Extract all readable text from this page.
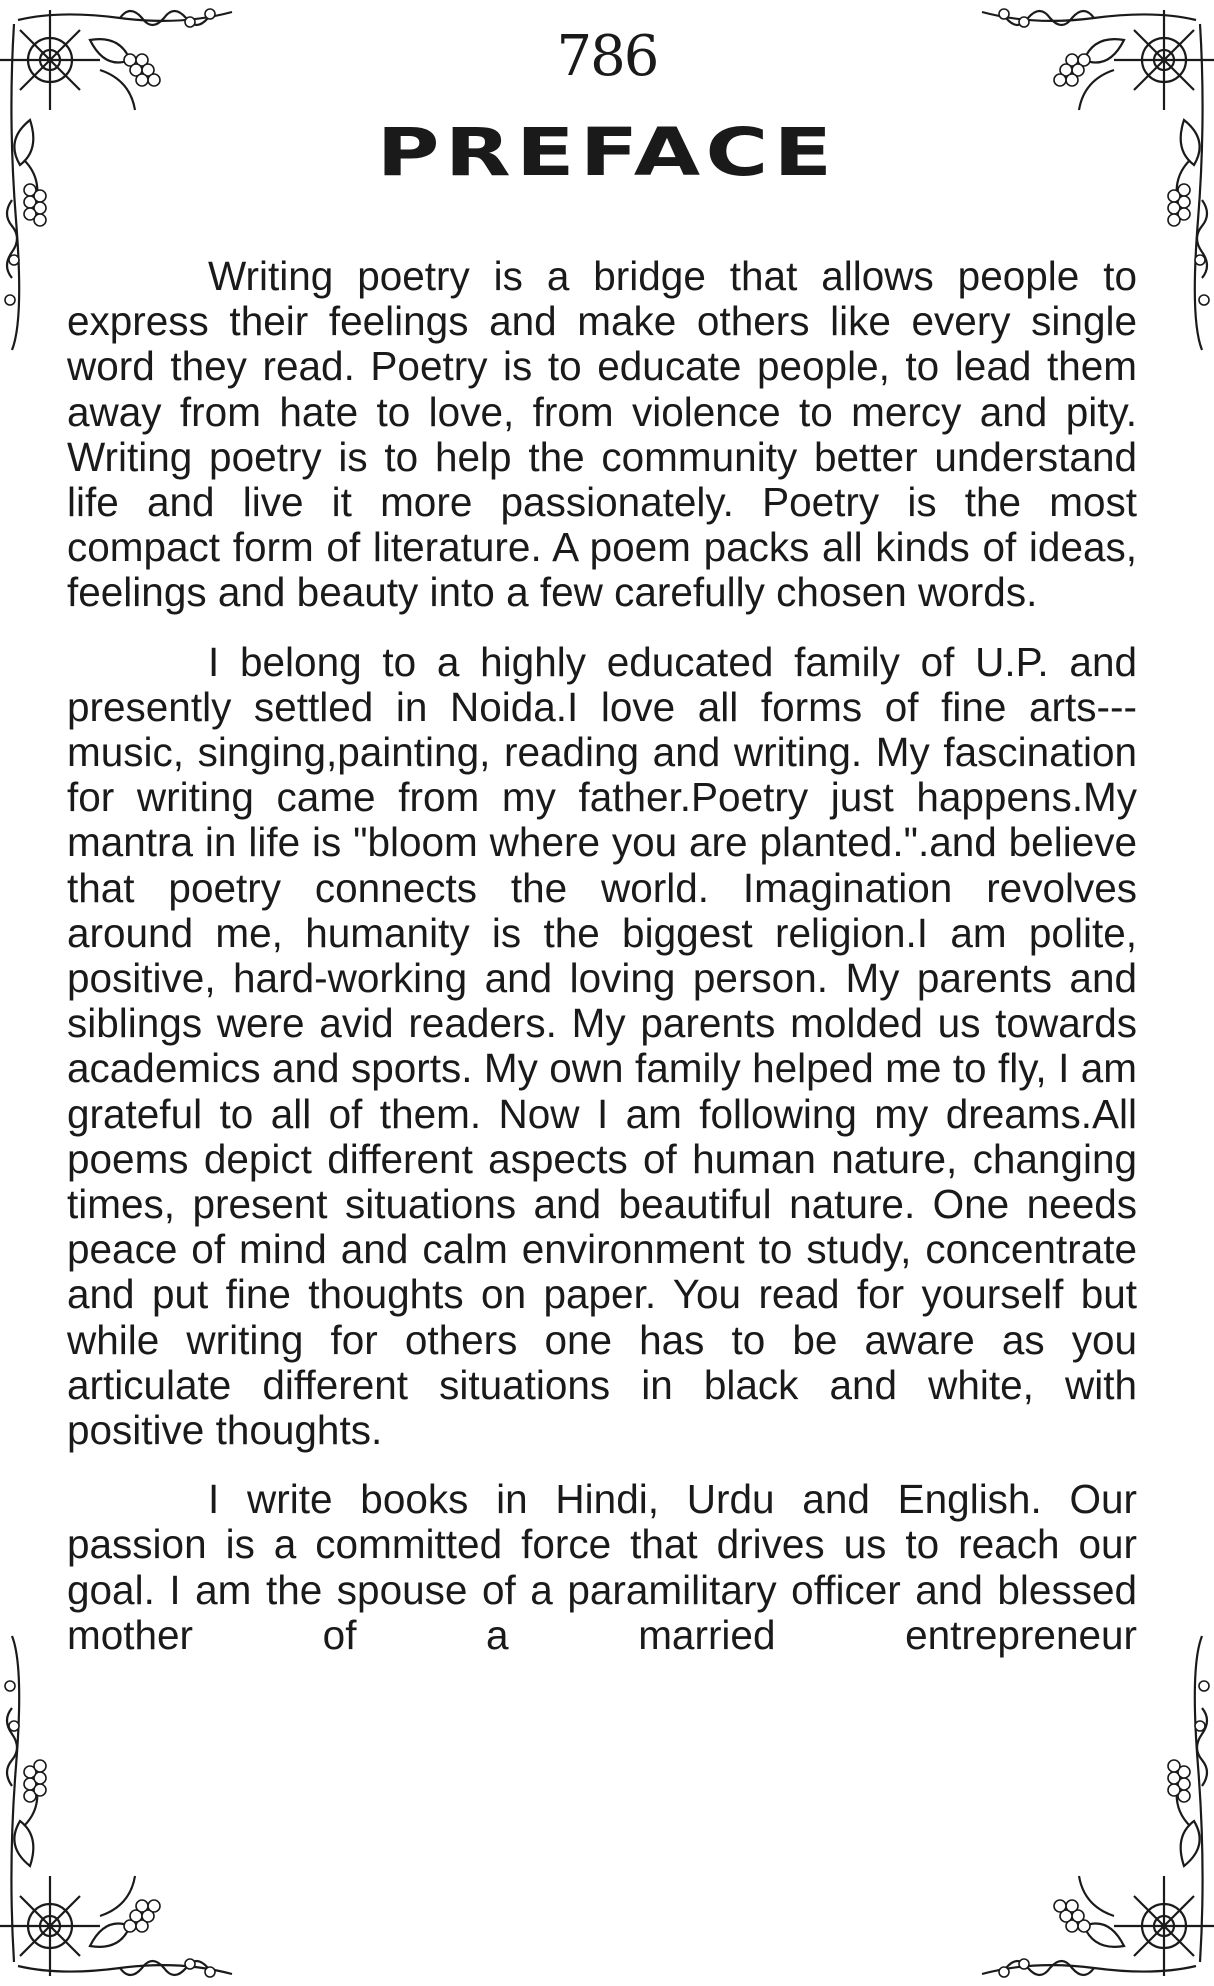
786
PREFACE

Writing poetry is a bridge that allows people to express their feelings and make others like every single word they read. Poetry is to educate people, to lead them away from hate to love, from violence to mercy and pity. Writing poetry is to help the community better understand life and live it more passionately. Poetry is the most compact form of literature. A poem packs all kinds of ideas, feelings and beauty into a few carefully chosen words.

I belong to a highly educated family of U.P. and presently settled in Noida.I love all forms of fine arts---music, singing,painting, reading and writing. My fascination for writing came from my father.Poetry just happens.My mantra in life is "bloom where you are planted.".and believe that poetry connects the world. Imagination revolves around me, humanity is the biggest religion.I am polite, positive, hard-working and loving person. My parents and siblings were avid readers. My parents molded us towards academics and sports. My own family helped me to fly, I am grateful to all of them. Now I am following my dreams.All poems depict different aspects of human nature, changing times, present situations and beautiful nature. One needs peace of mind and calm environment to study, concentrate and put fine thoughts on paper. You read for yourself but while writing for others one has to be aware as you articulate different situations in black and white, with positive thoughts.

I write books in Hindi, Urdu and English. Our passion is a committed force that drives us to reach our goal. I am the spouse of a paramilitary officer and blessed mother of a married entrepreneur
